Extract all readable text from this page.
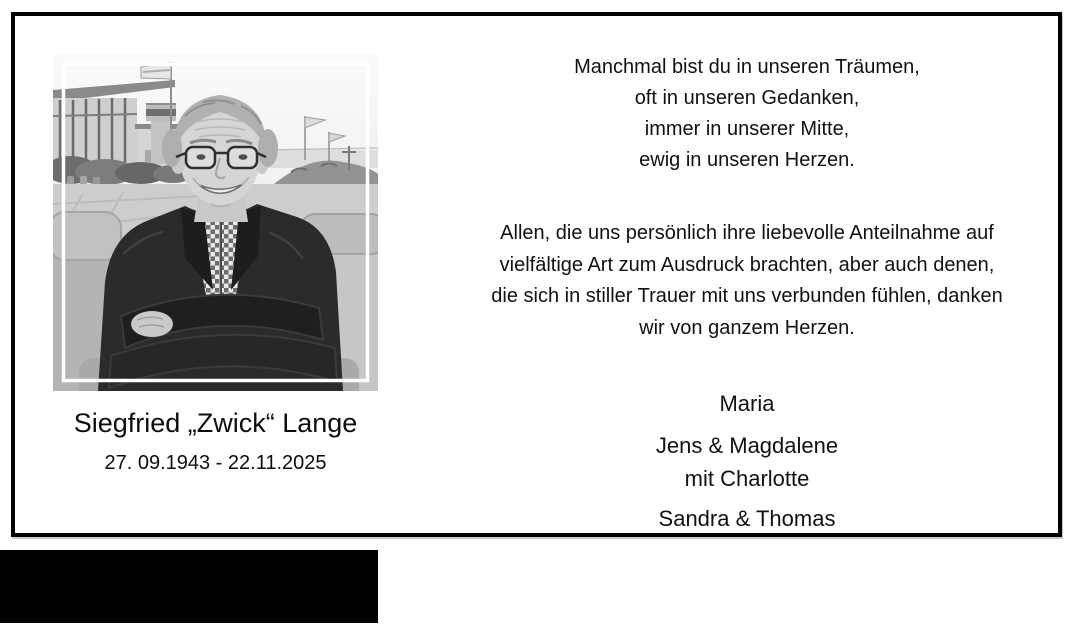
Siegfried „Zwick“ Lange
27. 09.1943 - 22.11.2025
Manchmal bist du in unseren Träumen,
oft in unseren Gedanken,
immer in unserer Mitte,
ewig in unseren Herzen.
Allen, die uns persönlich ihre liebevolle Anteilnahme auf
vielfältige Art zum Ausdruck brachten, aber auch denen,
die sich in stiller Trauer mit uns verbunden fühlen, danken
wir von ganzem Herzen.
Maria
Jens & Magdalene
mit Charlotte
Sandra & Thomas
